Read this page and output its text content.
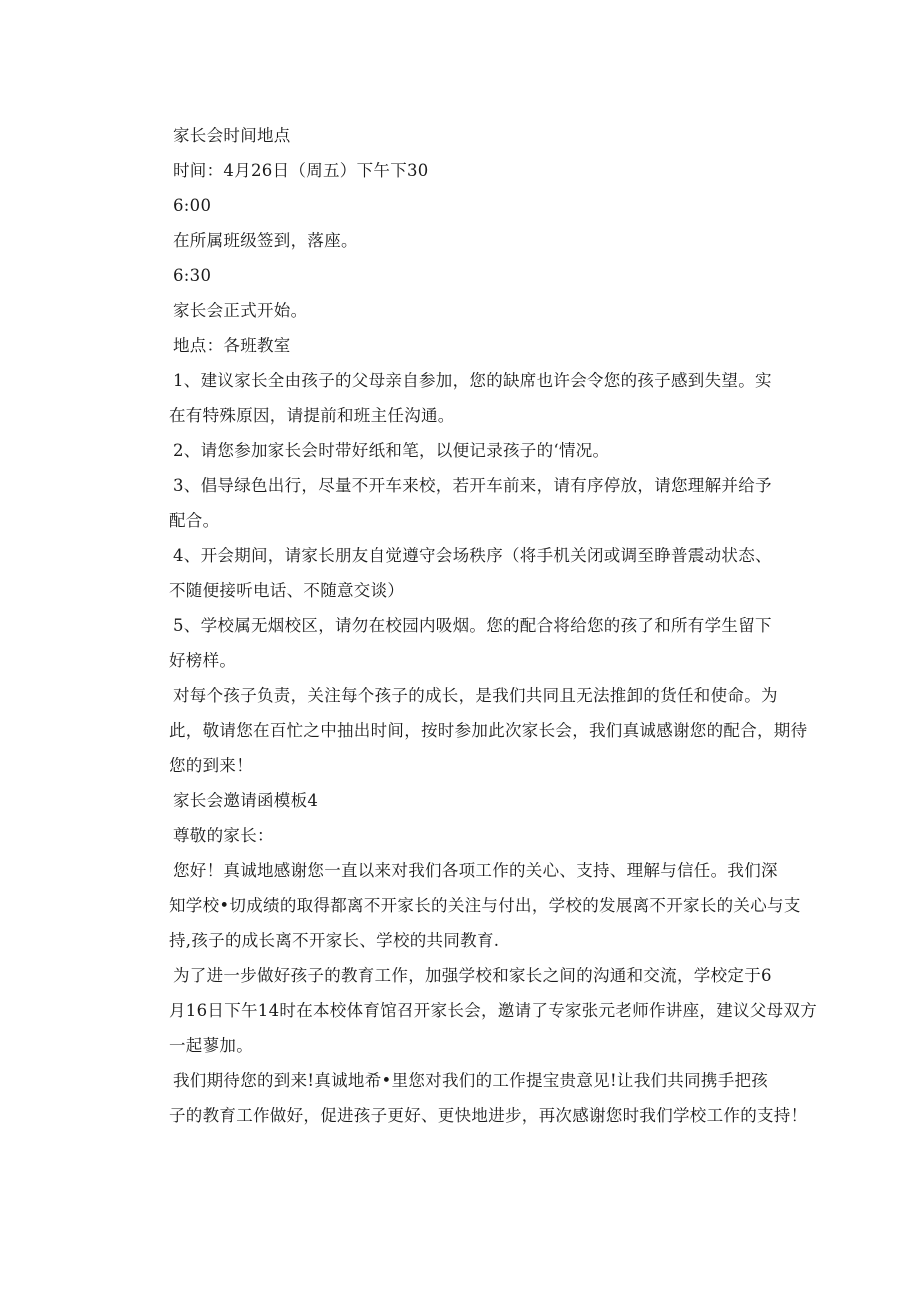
家长会时间地点

时间：4月26日（周五）下午下30

6:00

在所属班级签到，落座。

6:30

家长会正式开始。

地点：各班教室

1、建议家长全由孩子的父母亲自参加，您的缺席也许会令您的孩子感到失望。实
在有特殊原因，请提前和班主任沟通。
2、请您参加家长会时带好纸和笔，以便记录孩子的‘情况。
3、倡导绿色出行，尽量不开车来校，若开车前来，请有序停放，请您理解并给予
配合。
4、开会期间，请家长朋友自觉遵守会场秩序（将手机关闭或调至睁普震动状态、
不随便接听电话、不随意交谈）
5、学校属无烟校区，请勿在校园内吸烟。您的配合将给您的孩了和所有学生留下
好榜样。
对每个孩子负责，关注每个孩子的成长，是我们共同且无法推卸的货任和使命。为
此，敬请您在百忙之中抽出时间，按时参加此次家长会，我们真诚感谢您的配合，期待
您的到来！

家长会邀请函模板4

尊敬的家长：

您好！真诚地感谢您一直以来对我们各项工作的关心、支持、理解与信任。我们深
知学校•切成绩的取得都离不开家长的关注与付出，学校的发展离不开家长的关心与支
持,孩子的成长离不开家长、学校的共同教育.
为了进一步做好孩子的教育工作，加强学校和家长之间的沟通和交流，学校定于6
月16日下午14时在本校体育馆召开家长会，邀请了专家张元老师作讲座，建议父母双方
一起蓼加。
我们期待您的到来!真诚地希•里您对我们的工作提宝贵意见!让我们共同携手把孩
子的教育工作做好，促进孩子更好、更快地进步，再次感谢您时我们学校工作的支持！
